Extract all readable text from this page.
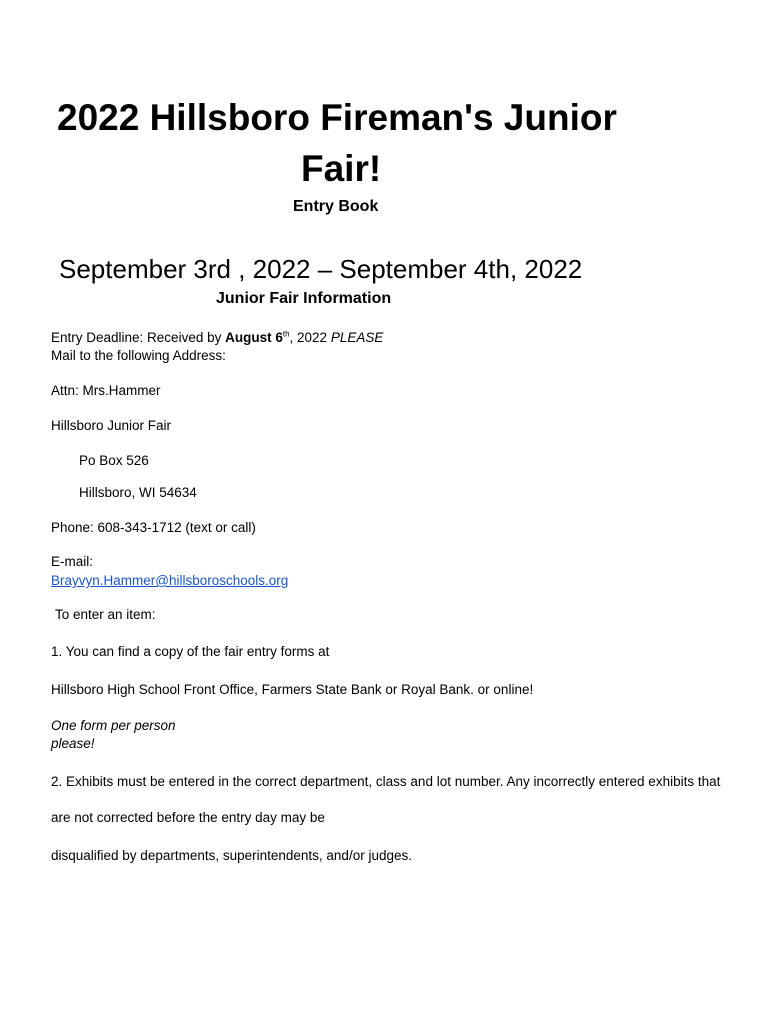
2022 Hillsboro Fireman's Junior
Fair!
Entry Book
September 3rd , 2022 – September 4th, 2022
Junior Fair Information
Entry Deadline: Received by August 6th, 2022 PLEASE
Mail to the following Address:
Attn: Mrs.Hammer
Hillsboro Junior Fair
Po Box 526
Hillsboro, WI 54634
Phone: 608-343-1712 (text or call)
E-mail:
Brayvyn.Hammer@hillsboroschools.org
To enter an item:
1. You can find a copy of the fair entry forms at
Hillsboro High School Front Office, Farmers State Bank or Royal Bank. or online!
One form per person
please!
2. Exhibits must be entered in the correct department, class and lot number. Any incorrectly entered exhibits that
are not corrected before the entry day may be
disqualified by departments, superintendents, and/or judges.
